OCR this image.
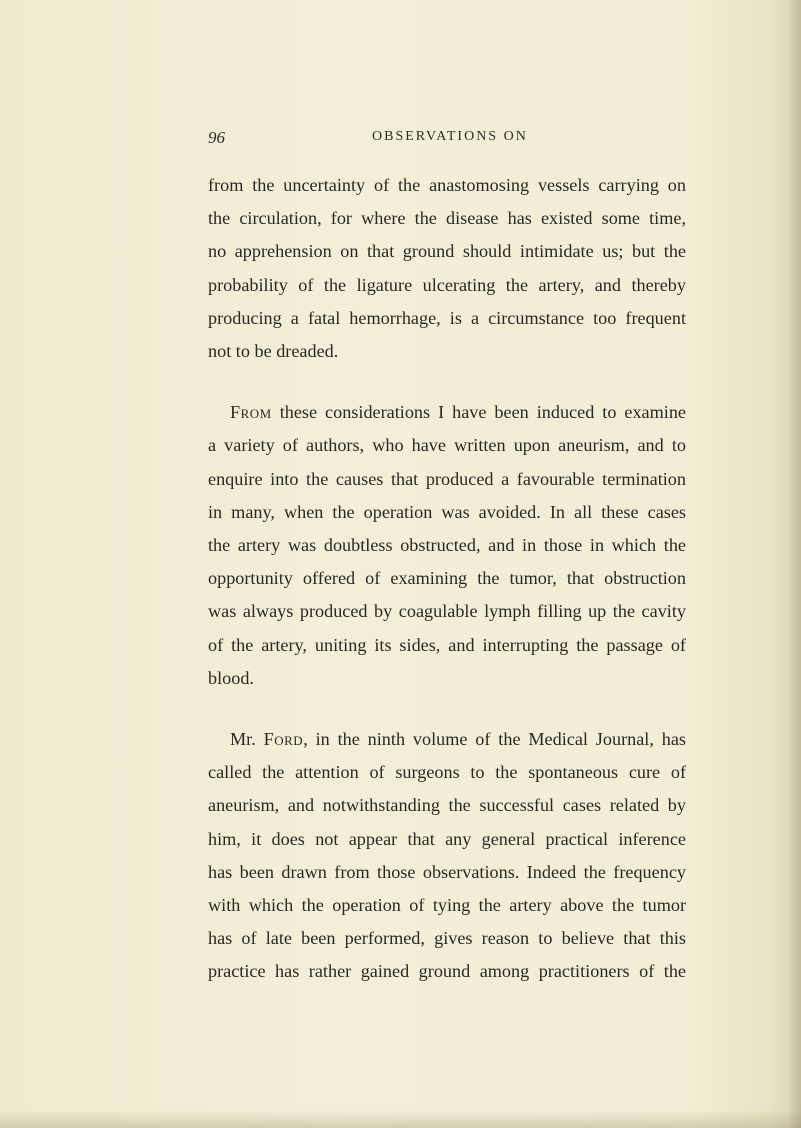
96	OBSERVATIONS ON

from the uncertainty of the anastomosing vessels carrying on
the circulation, for where the disease has existed some time,
no apprehension on that ground should intimidate us; but the
probability of the ligature ulcerating the artery, and thereby
producing a fatal hemorrhage, is a circumstance too frequent
not to be dreaded.

From these considerations I have been induced to examine
a variety of authors, who have written upon aneurism, and to
enquire into the causes that produced a favourable termination
in many, when the operation was avoided. In all these cases
the artery was doubtless obstructed, and in those in which the
opportunity offered of examining the tumor, that obstruction
was always produced by coagulable lymph filling up the cavity
of the artery, uniting its sides, and interrupting the passage of
blood.

Mr. Ford, in the ninth volume of the Medical Journal, has
called the attention of surgeons to the spontaneous cure of
aneurism, and notwithstanding the successful cases related by
him, it does not appear that any general practical inference
has been drawn from those observations. Indeed the frequency
with which the operation of tying the artery above the tumor
has of late been performed, gives reason to believe that this
practice has rather gained ground among practitioners of the
